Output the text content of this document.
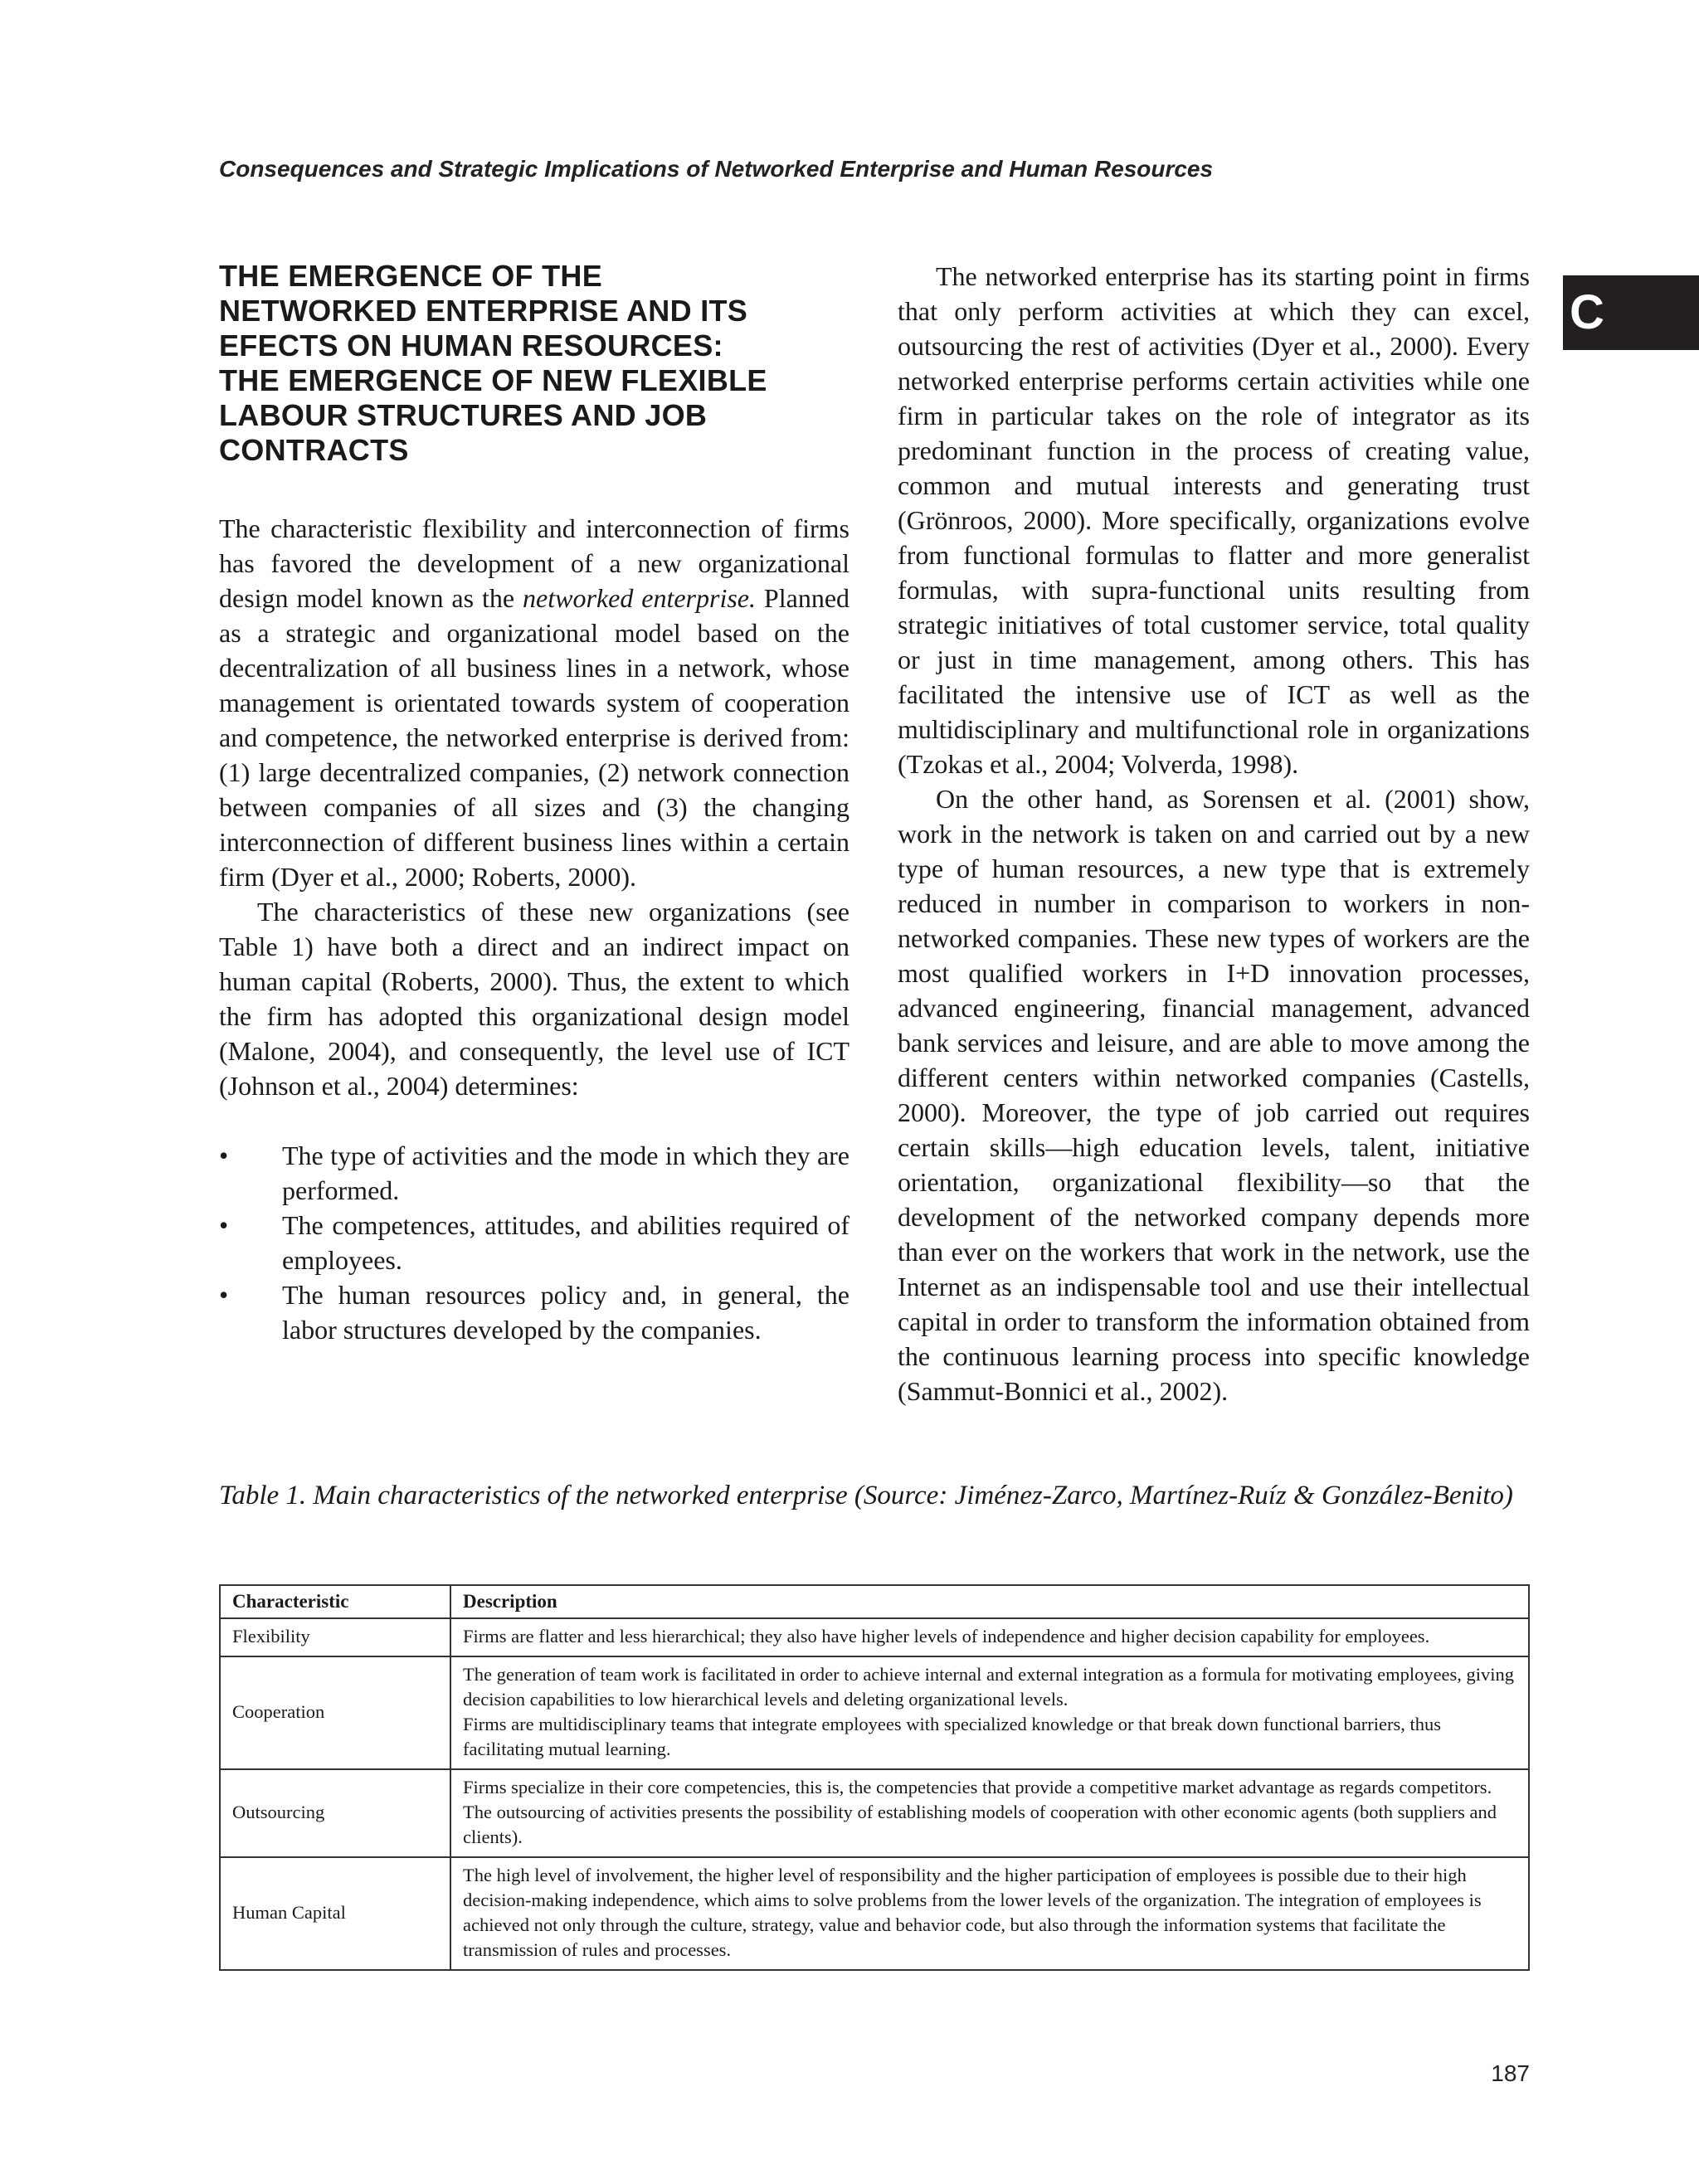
Consequences and Strategic Implications of Networked Enterprise and Human Resources
C
THE EMERGENCE OF THE
NETWORKED ENTERPRISE AND ITS
EFECTS ON HUMAN RESOURCES:
THE EMERGENCE OF NEW FLEXIBLE
LABOUR STRUCTURES AND JOB
CONTRACTS

The characteristic flexibility and interconnection of firms has favored the development of a new organizational design model known as the networked enterprise. Planned as a strategic and organizational model based on the decentralization of all business lines in a network, whose management is orientated towards system of cooperation and competence, the networked enterprise is derived from: (1) large decentralized companies, (2) network connection between companies of all sizes and (3) the changing interconnection of different business lines within a certain firm (Dyer et al., 2000; Roberts, 2000).

The characteristics of these new organizations (see Table 1) have both a direct and an indirect impact on human capital (Roberts, 2000). Thus, the extent to which the firm has adopted this organizational design model (Malone, 2004), and consequently, the level use of ICT (Johnson et al., 2004) determines:

• The type of activities and the mode in which they are performed.
• The competences, attitudes, and abilities required of employees.
• The human resources policy and, in general, the labor structures developed by the companies.

The networked enterprise has its starting point in firms that only perform activities at which they can excel, outsourcing the rest of activities (Dyer et al., 2000). Every networked enterprise performs certain activities while one firm in particular takes on the role of integrator as its predominant function in the process of creating value, common and mutual interests and generating trust (Grönroos, 2000). More specifically, organizations evolve from functional formulas to flatter and more generalist formulas, with supra-functional units resulting from strategic initiatives of total customer service, total quality or just in time management, among others. This has facilitated the intensive use of ICT as well as the multidisciplinary and multifunctional role in organizations (Tzokas et al., 2004; Volverda, 1998).

On the other hand, as Sorensen et al. (2001) show, work in the network is taken on and carried out by a new type of human resources, a new type that is extremely reduced in number in comparison to workers in non-networked companies. These new types of workers are the most qualified workers in I+D innovation processes, advanced engineering, financial management, advanced bank services and leisure, and are able to move among the different centers within networked companies (Castells, 2000). Moreover, the type of job carried out requires certain skills—high education levels, talent, initiative orientation, organizational flexibility—so that the development of the networked company depends more than ever on the workers that work in the network, use the Internet as an indispensable tool and use their intellectual capital in order to transform the information obtained from the continuous learning process into specific knowledge (Sammut-Bonnici et al., 2002).

Table 1. Main characteristics of the networked enterprise (Source: Jiménez-Zarco, Martínez-Ruíz & González-Benito)

Characteristic	Description
Flexibility	Firms are flatter and less hierarchical; they also have higher levels of independence and higher decision capability for employees.

Cooperation	The generation of team work is facilitated in order to achieve internal and external integration as a formula for motivating employees, giving decision capabilities to low hierarchical levels and deleting organizational levels.
Firms are multidisciplinary teams that integrate employees with specialized knowledge or that break down functional barriers, thus facilitating mutual learning.

Outsourcing	Firms specialize in their core competencies, this is, the competencies that provide a competitive market advantage as regards competitors. The outsourcing of activities presents the possibility of establishing models of cooperation with other economic agents (both suppliers and clients).

Human Capital	The high level of involvement, the higher level of responsibility and the higher participation of employees is possible due to their high decision-making independence, which aims to solve problems from the lower levels of the organization. The integration of employees is achieved not only through the culture, strategy, value and behavior code, but also through the information systems that facilitate the transmission of rules and processes.
187
